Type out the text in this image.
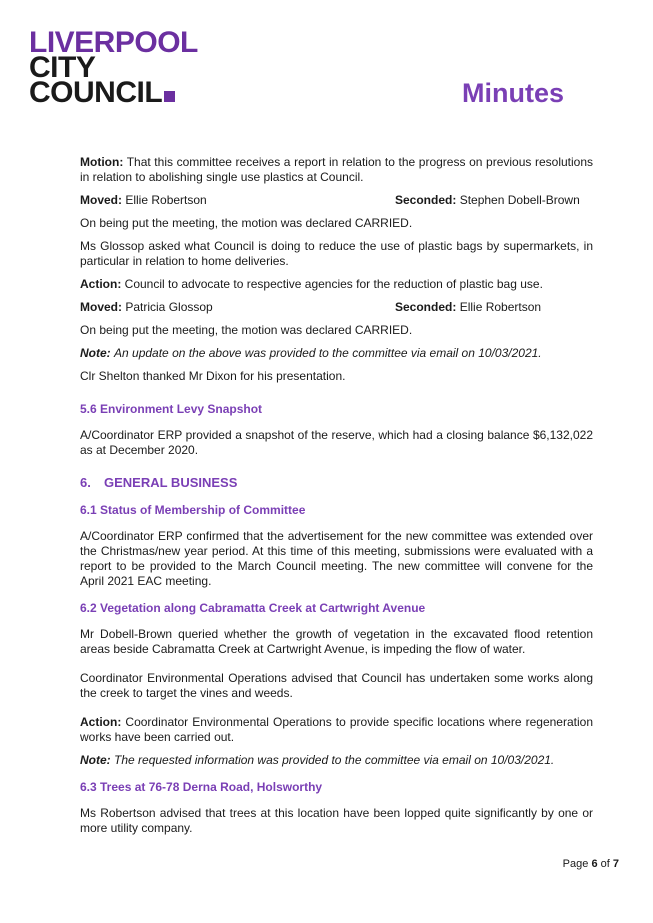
LIVERPOOL
CITY
COUNCIL	Minutes

Motion: That this committee receives a report in relation to the progress on previous resolutions in relation to abolishing single use plastics at Council.

Moved: Ellie Robertson	Seconded: Stephen Dobell-Brown

On being put the meeting, the motion was declared CARRIED.

Ms Glossop asked what Council is doing to reduce the use of plastic bags by supermarkets, in particular in relation to home deliveries.

Action: Council to advocate to respective agencies for the reduction of plastic bag use.

Moved: Patricia Glossop	Seconded: Ellie Robertson

On being put the meeting, the motion was declared CARRIED.

Note: An update on the above was provided to the committee via email on 10/03/2021.

Clr Shelton thanked Mr Dixon for his presentation.

5.6 Environment Levy Snapshot

A/Coordinator ERP provided a snapshot of the reserve, which had a closing balance $6,132,022 as at December 2020.

6. GENERAL BUSINESS
6.1 Status of Membership of Committee

A/Coordinator ERP confirmed that the advertisement for the new committee was extended over the Christmas/new year period. At this time of this meeting, submissions were evaluated with a report to be provided to the March Council meeting. The new committee will convene for the April 2021 EAC meeting.

6.2 Vegetation along Cabramatta Creek at Cartwright Avenue

Mr Dobell-Brown queried whether the growth of vegetation in the excavated flood retention areas beside Cabramatta Creek at Cartwright Avenue, is impeding the flow of water.

Coordinator Environmental Operations advised that Council has undertaken some works along the creek to target the vines and weeds.

Action: Coordinator Environmental Operations to provide specific locations where regeneration works have been carried out.

Note: The requested information was provided to the committee via email on 10/03/2021.

6.3 Trees at 76-78 Derna Road, Holsworthy

Ms Robertson advised that trees at this location have been lopped quite significantly by one or more utility company.

Page 6 of 7
